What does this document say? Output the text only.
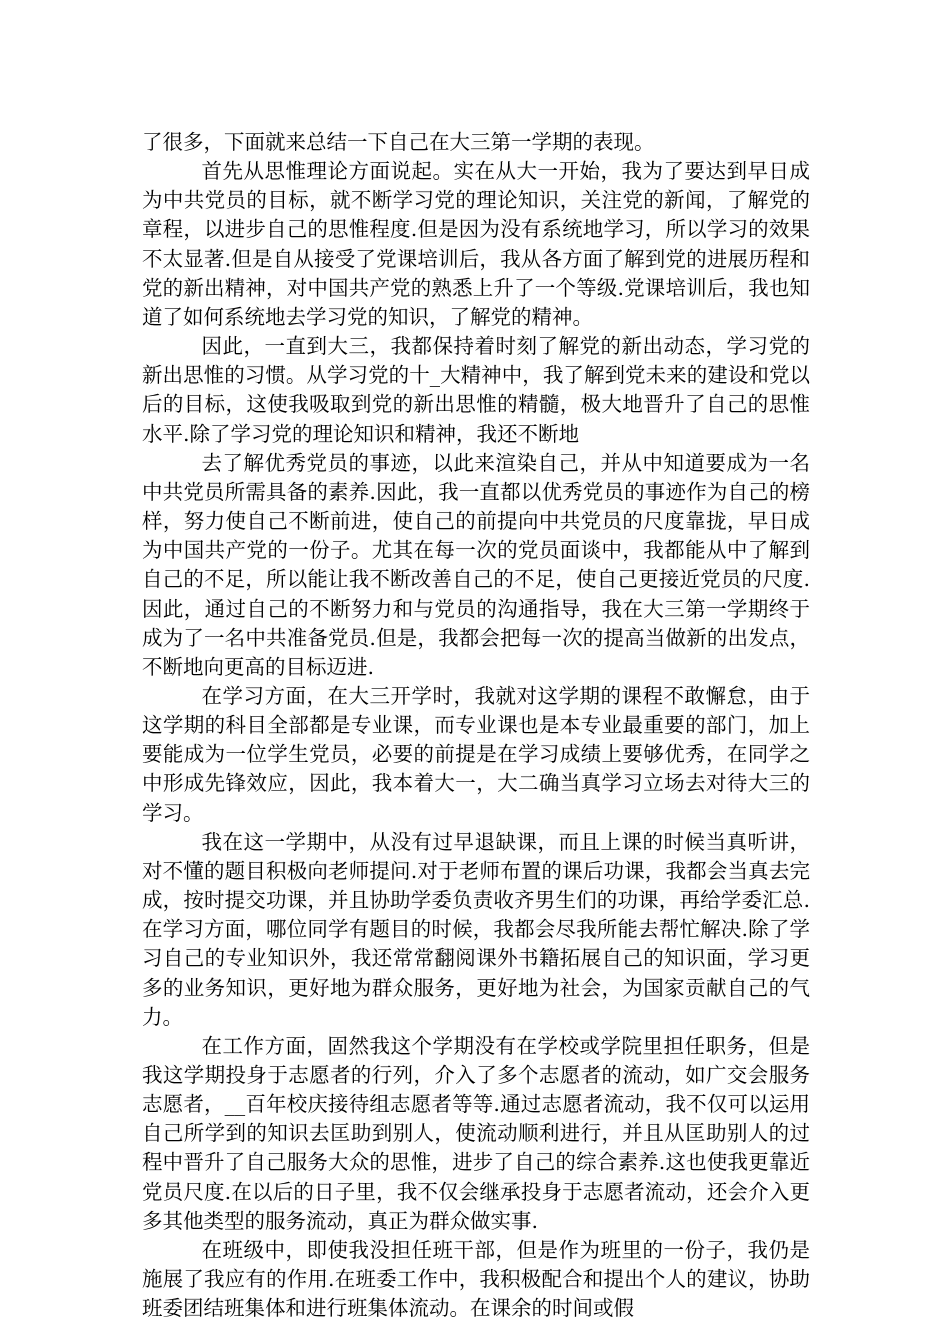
了很多，下面就来总结一下自己在大三第一学期的表现。

首先从思惟理论方面说起。实在从大一开始，我为了要达到早日成为中共党员的目标，就不断学习党的理论知识，关注党的新闻，了解党的章程，以进步自己的思惟程度.但是因为没有系统地学习，所以学习的效果不太显著.但是自从接受了党课培训后，我从各方面了解到党的进展历程和党的新出精神，对中国共产党的熟悉上升了一个等级.党课培训后，我也知道了如何系统地去学习党的知识，了解党的精神。

因此，一直到大三，我都保持着时刻了解党的新出动态，学习党的新出思惟的习惯。从学习党的十_大精神中，我了解到党未来的建设和党以后的目标，这使我吸取到党的新出思惟的精髓，极大地晋升了自己的思惟水平.除了学习党的理论知识和精神，我还不断地

去了解优秀党员的事迹，以此来渲染自己，并从中知道要成为一名中共党员所需具备的素养.因此，我一直都以优秀党员的事迹作为自己的榜样，努力使自己不断前进，使自己的前提向中共党员的尺度靠拢，早日成为中国共产党的一份子。尤其在每一次的党员面谈中，我都能从中了解到自己的不足，所以能让我不断改善自己的不足，使自己更接近党员的尺度.因此，通过自己的不断努力和与党员的沟通指导，我在大三第一学期终于成为了一名中共准备党员.但是，我都会把每一次的提高当做新的出发点，不断地向更高的目标迈进.

在学习方面，在大三开学时，我就对这学期的课程不敢懈怠，由于这学期的科目全部都是专业课，而专业课也是本专业最重要的部门，加上要能成为一位学生党员，必要的前提是在学习成绩上要够优秀，在同学之中形成先锋效应，因此，我本着大一，大二确当真学习立场去对待大三的学习。

我在这一学期中，从没有过早退缺课，而且上课的时候当真听讲，对不懂的题目积极向老师提问.对于老师布置的课后功课，我都会当真去完成，按时提交功课，并且协助学委负责收齐男生们的功课，再给学委汇总.在学习方面，哪位同学有题目的时候，我都会尽我所能去帮忙解决.除了学习自己的专业知识外，我还常常翻阅课外书籍拓展自己的知识面，学习更多的业务知识，更好地为群众服务，更好地为社会，为国家贡献自己的气力。

在工作方面，固然我这个学期没有在学校或学院里担任职务，但是我这学期投身于志愿者的行列，介入了多个志愿者的流动，如广交会服务志愿者，__百年校庆接待组志愿者等等.通过志愿者流动，我不仅可以运用自己所学到的知识去匡助到别人，使流动顺利进行，并且从匡助别人的过程中晋升了自己服务大众的思惟，进步了自己的综合素养.这也使我更靠近党员尺度.在以后的日子里，我不仅会继承投身于志愿者流动，还会介入更多其他类型的服务流动，真正为群众做实事.

在班级中，即使我没担任班干部，但是作为班里的一份子，我仍是施展了我应有的作用.在班委工作中，我积极配合和提出个人的建议，协助班委团结班集体和进行班集体流动。在课余的时间或假
